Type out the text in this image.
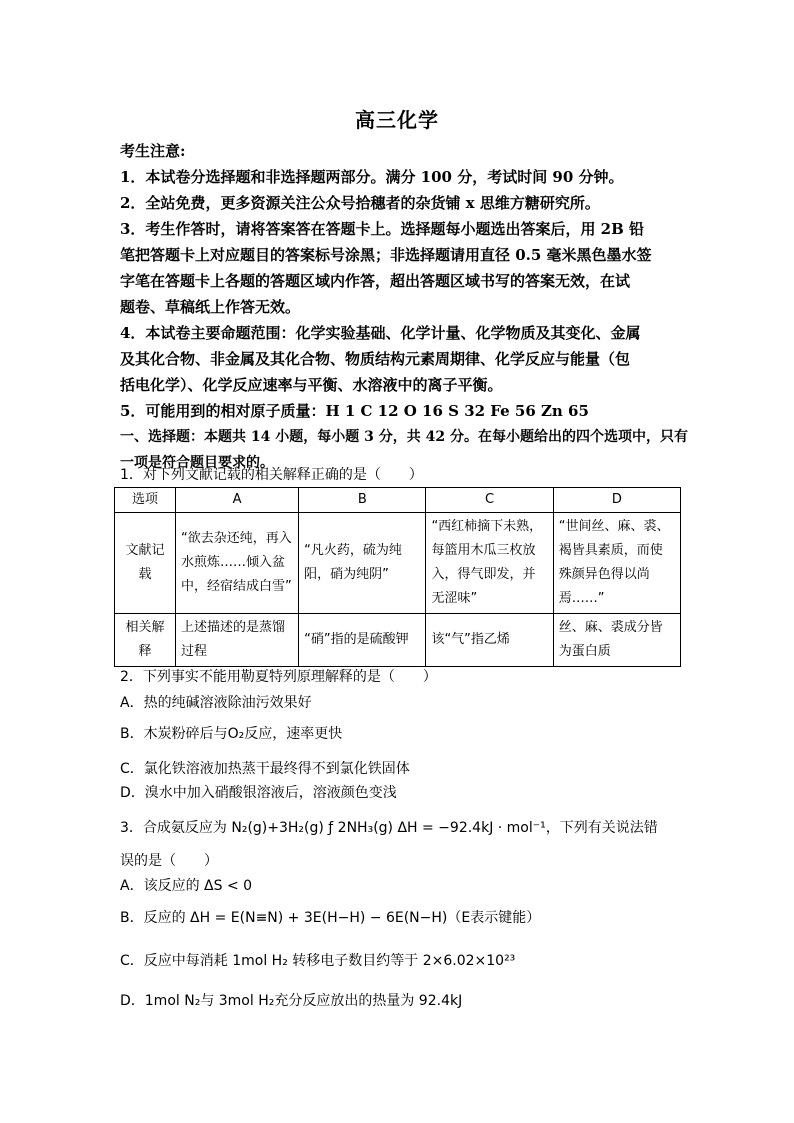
高三化学
考生注意:
1．本试卷分选择题和非选择题两部分。满分 100 分，考试时间 90 分钟。
2．全站免费，更多资源关注公众号拾穗者的杂货铺 x 思维方糖研究所。
3．考生作答时，请将答案答在答题卡上。选择题每小题选出答案后，用 2B 铅
笔把答题卡上对应题目的答案标号涂黑；非选择题请用直径 0.5 毫米黑色墨水签
字笔在答题卡上各题的答题区域内作答，超出答题区域书写的答案无效，在试
题卷、草稿纸上作答无效。
4．本试卷主要命题范围：化学实验基础、化学计量、化学物质及其变化、金属
及其化合物、非金属及其化合物、物质结构元素周期律、化学反应与能量（包
括电化学）、化学反应速率与平衡、水溶液中的离子平衡。
5．可能用到的相对原子质量：H 1 C 12 O 16 S 32 Fe 56 Zn 65
一、选择题：本题共 14 小题，每小题 3 分，共 42 分。在每小题给出的四个选项中，只有
一项是符合题目要求的。
1．对下列文献记载的相关解释正确的是（　　）
选项	A	B	C	D
文献记载	“欲去杂还纯，再入水煎炼……倾入盆中，经宿结成白雪”	“凡火药，硫为纯阳，硝为纯阴”	“西红柿摘下未熟，每篮用木瓜三枚放入，得气即发，并无涩味”	“世间丝、麻、裘、褐皆具素质，而使殊颜异色得以尚焉……”
相关解释	上述描述的是蒸馏过程	“硝”指的是硫酸钾	该“气”指乙烯	丝、麻、裘成分皆为蛋白质
2．下列事实不能用勒夏特列原理解释的是（　　）
A．热的纯碱溶液除油污效果好
B．木炭粉碎后与O₂反应，速率更快
C．氯化铁溶液加热蒸干最终得不到氯化铁固体
D．溴水中加入硝酸银溶液后，溶液颜色变浅
3．合成氨反应为 N₂(g)+3H₂(g) ƒ 2NH₃(g) ΔH = −92.4kJ · mol⁻¹，下列有关说法错
误的是（　　）
A．该反应的 ΔS < 0
B．反应的 ΔH = E(N≡N) + 3E(H−H) − 6E(N−H)（E表示键能）
C．反应中每消耗 1mol H₂ 转移电子数目约等于 2×6.02×10²³
D．1mol N₂与 3mol H₂充分反应放出的热量为 92.4kJ
